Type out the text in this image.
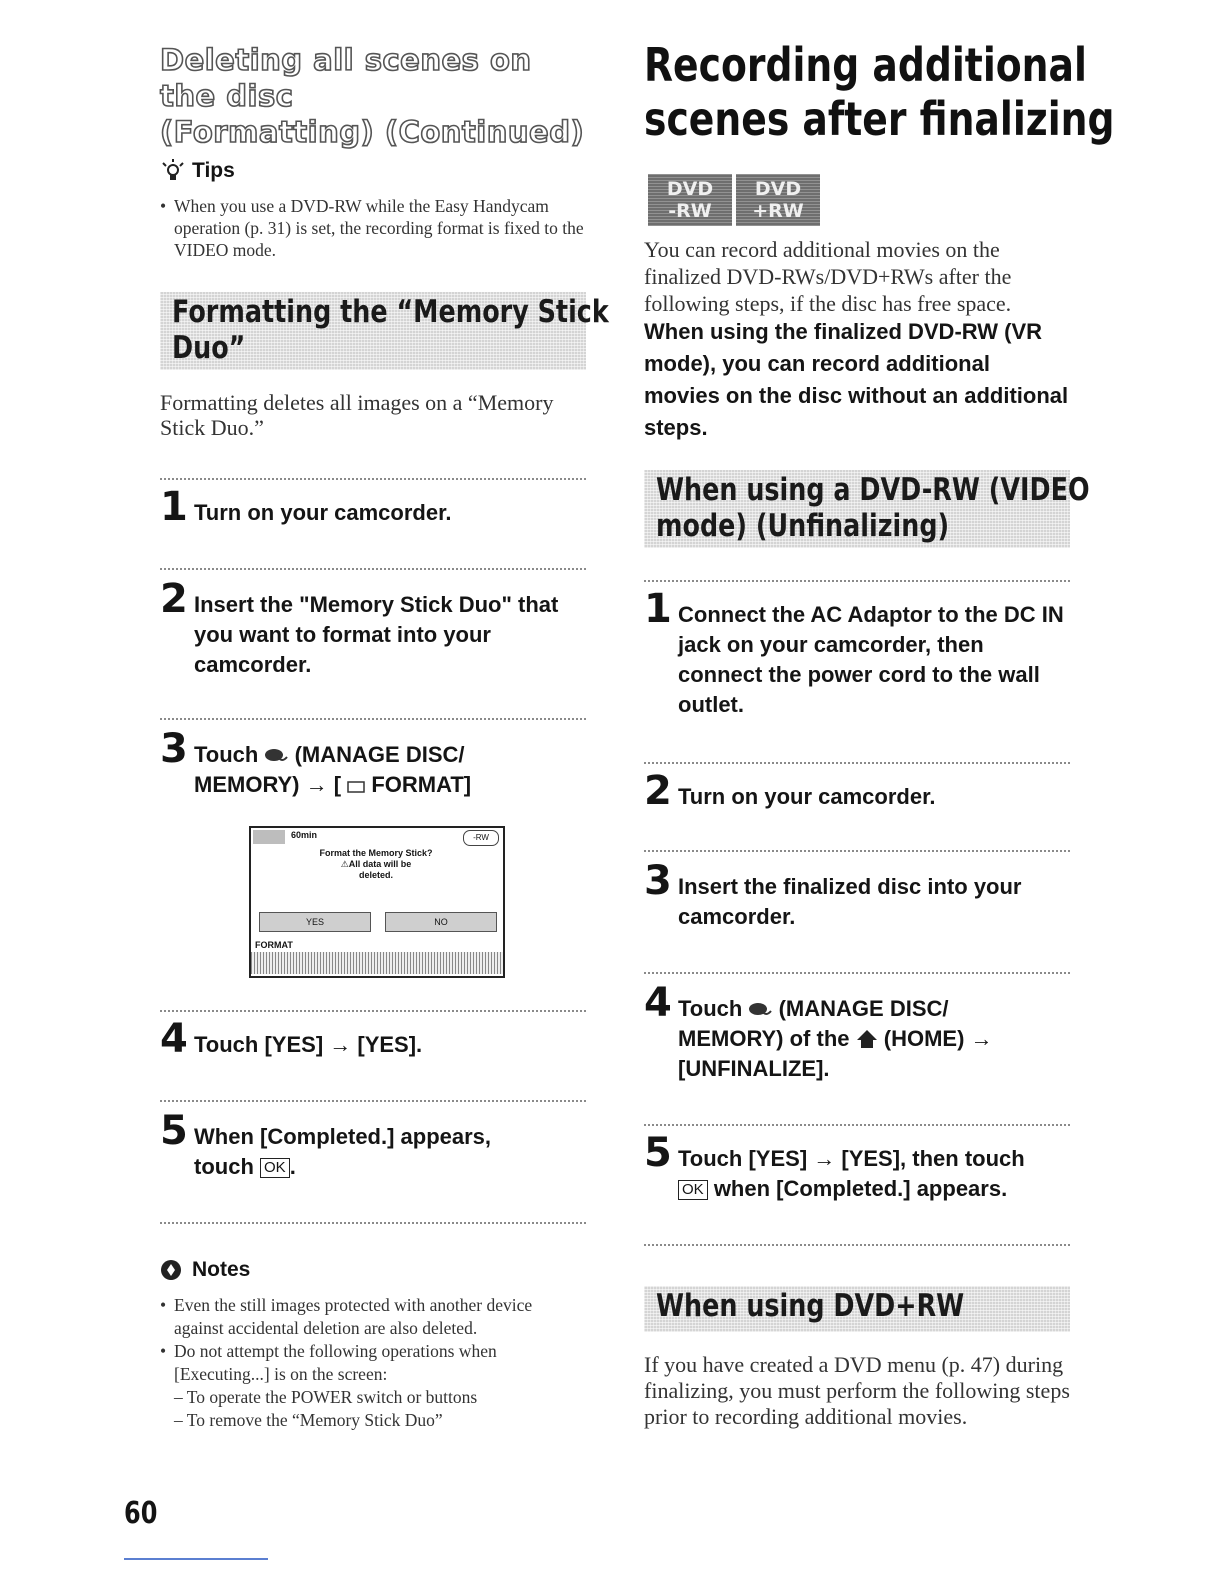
Deleting all scenes on the disc
(Formatting) (Continued)
Tips
• When you use a DVD-RW while the Easy Handycam operation (p. 31) is set, the recording format is fixed to the VIDEO mode.
Formatting the “Memory Stick
Duo”
Formatting deletes all images on a “Memory Stick Duo.”
1 Turn on your camcorder.
2 Insert the "Memory Stick Duo" that you want to format into your camcorder.
3 Touch (MANAGE DISC/
MEMORY) → [ FORMAT]
60min	-RW
Format the Memory Stick?
⚠All data will be
deleted.
YES	NO
FORMAT
4 Touch [YES] → [YES].
5 When [Completed.] appears,
touch OK .
Notes
• Even the still images protected with another device against accidental deletion are also deleted.
• Do not attempt the following operations when [Executing...] is on the screen:
– To operate the POWER switch or buttons
– To remove the “Memory Stick Duo”
60
Recording additional
scenes after finalizing
DVD
-RW
DVD
+RW
You can record additional movies on the finalized DVD-RWs/DVD+RWs after the following steps, if the disc has free space.
When using the finalized DVD-RW (VR mode), you can record additional movies on the disc without an additional steps.
When using a DVD-RW (VIDEO
mode) (Unfinalizing)
1 Connect the AC Adaptor to the DC IN jack on your camcorder, then connect the power cord to the wall outlet.
2 Turn on your camcorder.
3 Insert the finalized disc into your camcorder.
4 Touch (MANAGE DISC/
MEMORY) of the (HOME) →
[UNFINALIZE].
5 Touch [YES] → [YES], then touch
OK when [Completed.] appears.
When using DVD+RW
If you have created a DVD menu (p. 47) during finalizing, you must perform the following steps prior to recording additional movies.
